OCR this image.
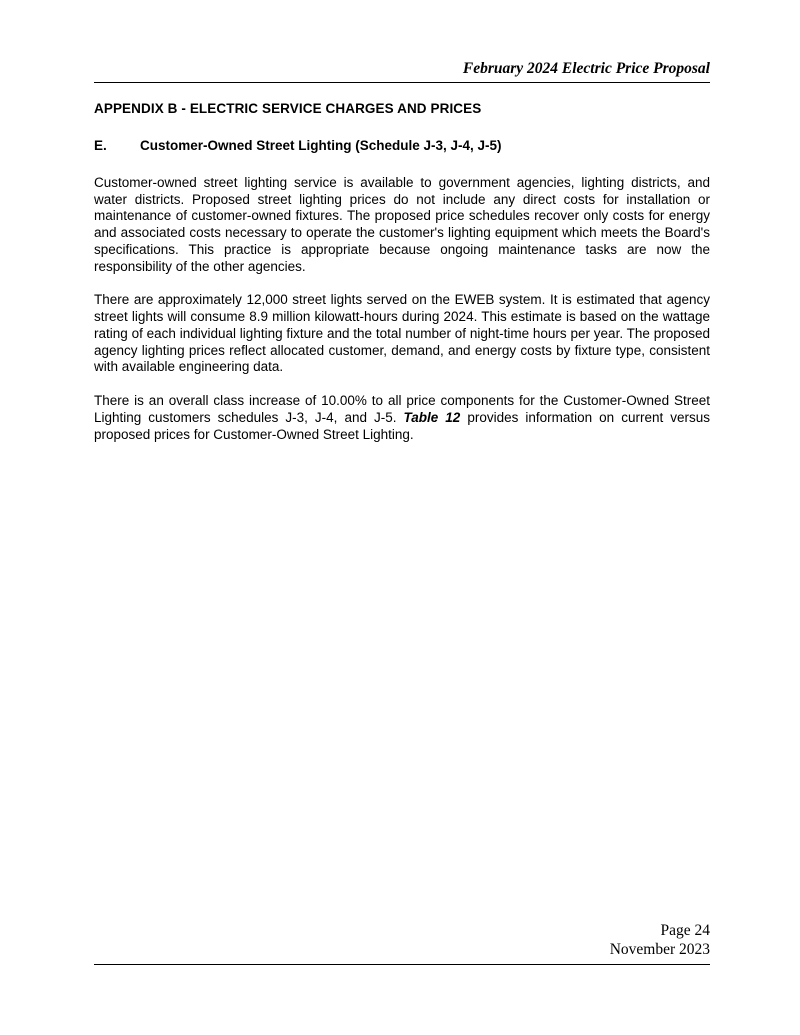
February 2024 Electric Price Proposal
APPENDIX B - ELECTRIC SERVICE CHARGES AND PRICES
E. Customer-Owned Street Lighting (Schedule J-3, J-4, J-5)

Customer-owned street lighting service is available to government agencies, lighting districts, and water districts. Proposed street lighting prices do not include any direct costs for installation or maintenance of customer-owned fixtures. The proposed price schedules recover only costs for energy and associated costs necessary to operate the customer's lighting equipment which meets the Board's specifications. This practice is appropriate because ongoing maintenance tasks are now the responsibility of the other agencies.

There are approximately 12,000 street lights served on the EWEB system. It is estimated that agency street lights will consume 8.9 million kilowatt-hours during 2024. This estimate is based on the wattage rating of each individual lighting fixture and the total number of night-time hours per year. The proposed agency lighting prices reflect allocated customer, demand, and energy costs by fixture type, consistent with available engineering data.

There is an overall class increase of 10.00% to all price components for the Customer-Owned Street Lighting customers schedules J-3, J-4, and J-5. Table 12 provides information on current versus proposed prices for Customer-Owned Street Lighting.

Page 24
November 2023
